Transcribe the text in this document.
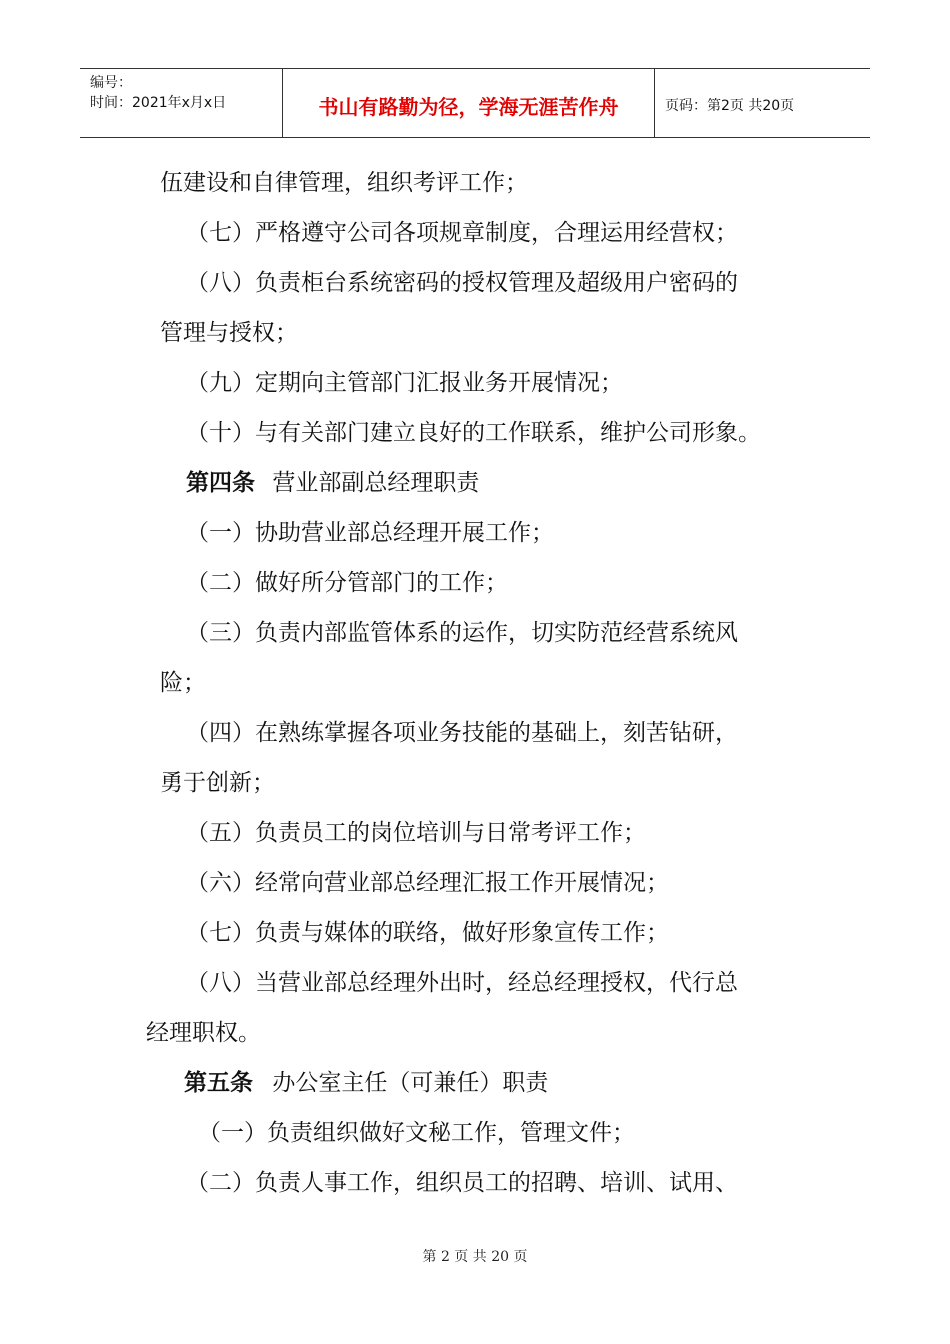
编号：
时间：2021年x月x日	书山有路勤为径，学海无涯苦作舟	页码：第2页 共20页
伍建设和自律管理，组织考评工作；
（七）严格遵守公司各项规章制度，合理运用经营权；
（八）负责柜台系统密码的授权管理及超级用户密码的
管理与授权；
（九）定期向主管部门汇报业务开展情况；
（十）与有关部门建立良好的工作联系，维护公司形象。
第四条 营业部副总经理职责
（一）协助营业部总经理开展工作；
（二）做好所分管部门的工作；
（三）负责内部监管体系的运作，切实防范经营系统风
险；
（四）在熟练掌握各项业务技能的基础上，刻苦钻研，
勇于创新；
（五）负责员工的岗位培训与日常考评工作；
（六）经常向营业部总经理汇报工作开展情况；
（七）负责与媒体的联络，做好形象宣传工作；
（八）当营业部总经理外出时，经总经理授权，代行总
经理职权。
第五条 办公室主任（可兼任）职责
（一）负责组织做好文秘工作，管理文件；
（二）负责人事工作，组织员工的招聘、培训、试用、
第 2 页 共 20 页
